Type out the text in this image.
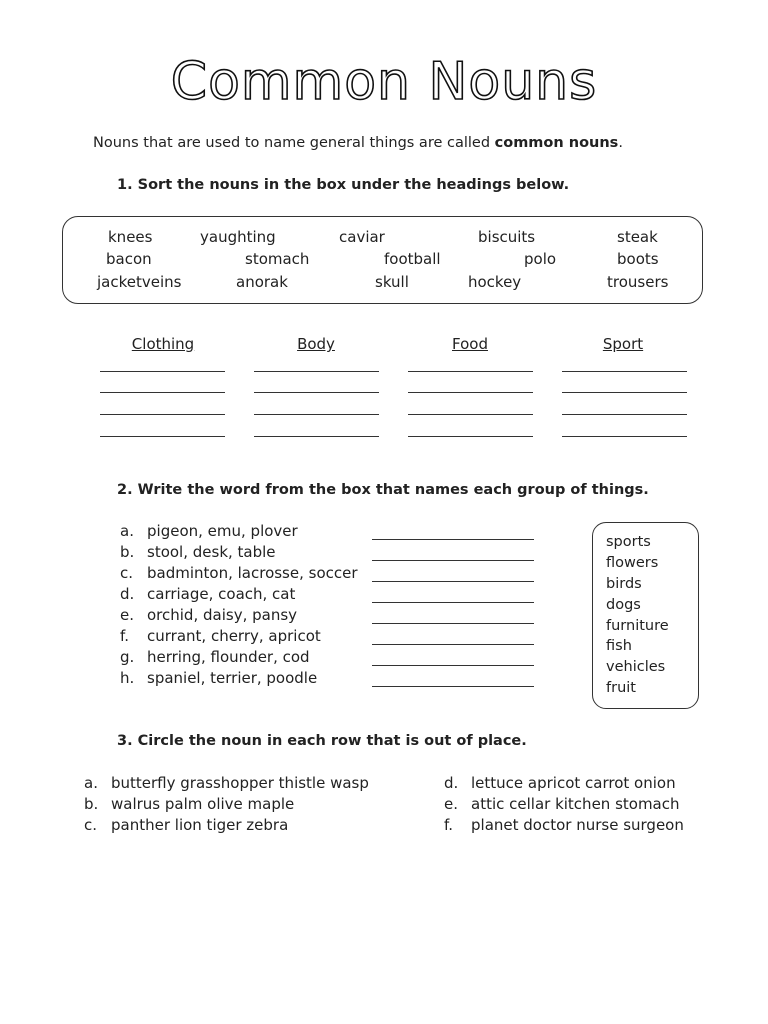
Common Nouns
Nouns that are used to name general things are called common nouns.
1. Sort the nouns in the box under the headings below.
knees	yaughting	caviar	biscuits	steak
bacon	stomach	football	polo	boots
jacketveins	anorak	skull	hockey	trousers
Clothing	Body	Food	Sport
2. Write the word from the box that names each group of things.
a. pigeon, emu, plover
b. stool, desk, table
c. badminton, lacrosse, soccer
d. carriage, coach, cat
e. orchid, daisy, pansy
f. currant, cherry, apricot
g. herring, flounder, cod
h. spaniel, terrier, poodle
sports
flowers
birds
dogs
furniture
fish
vehicles
fruit
3. Circle the noun in each row that is out of place.
a. butterfly grasshopper thistle wasp
b. walrus palm olive maple
c. panther lion tiger zebra
d. lettuce apricot carrot onion
e. attic cellar kitchen stomach
f. planet doctor nurse surgeon
